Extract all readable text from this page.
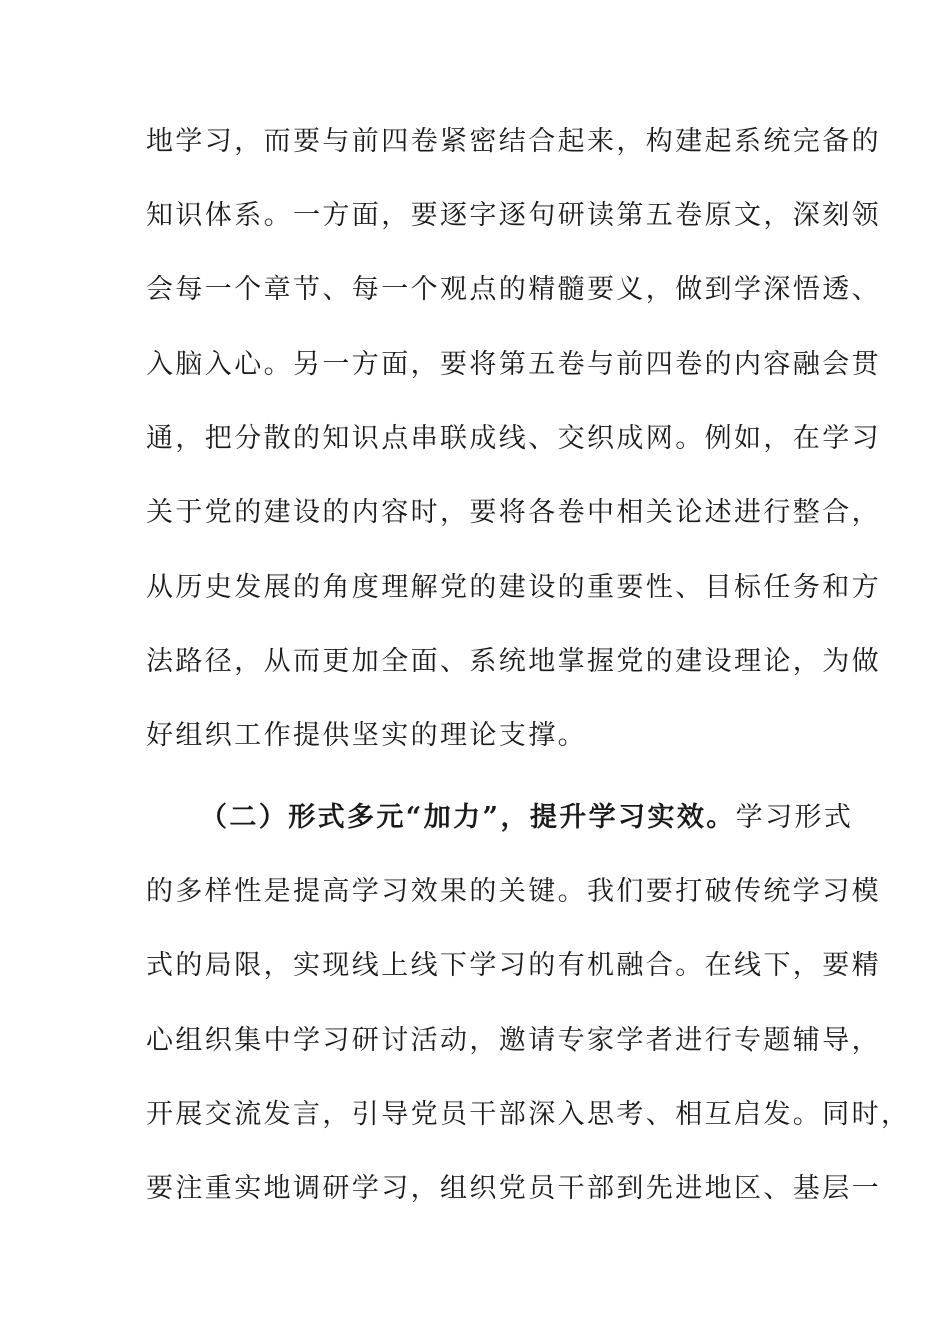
地学习，而要与前四卷紧密结合起来，构建起系统完备的
知识体系。一方面，要逐字逐句研读第五卷原文，深刻领
会每一个章节、每一个观点的精髓要义，做到学深悟透、
入脑入心。另一方面，要将第五卷与前四卷的内容融会贯
通，把分散的知识点串联成线、交织成网。例如，在学习
关于党的建设的内容时，要将各卷中相关论述进行整合，
从历史发展的角度理解党的建设的重要性、目标任务和方
法路径，从而更加全面、系统地掌握党的建设理论，为做
好组织工作提供坚实的理论支撑。
（二）形式多元“加力”，提升学习实效。学习形式
的多样性是提高学习效果的关键。我们要打破传统学习模
式的局限，实现线上线下学习的有机融合。在线下，要精
心组织集中学习研讨活动，邀请专家学者进行专题辅导，
开展交流发言，引导党员干部深入思考、相互启发。同时，
要注重实地调研学习，组织党员干部到先进地区、基层一
